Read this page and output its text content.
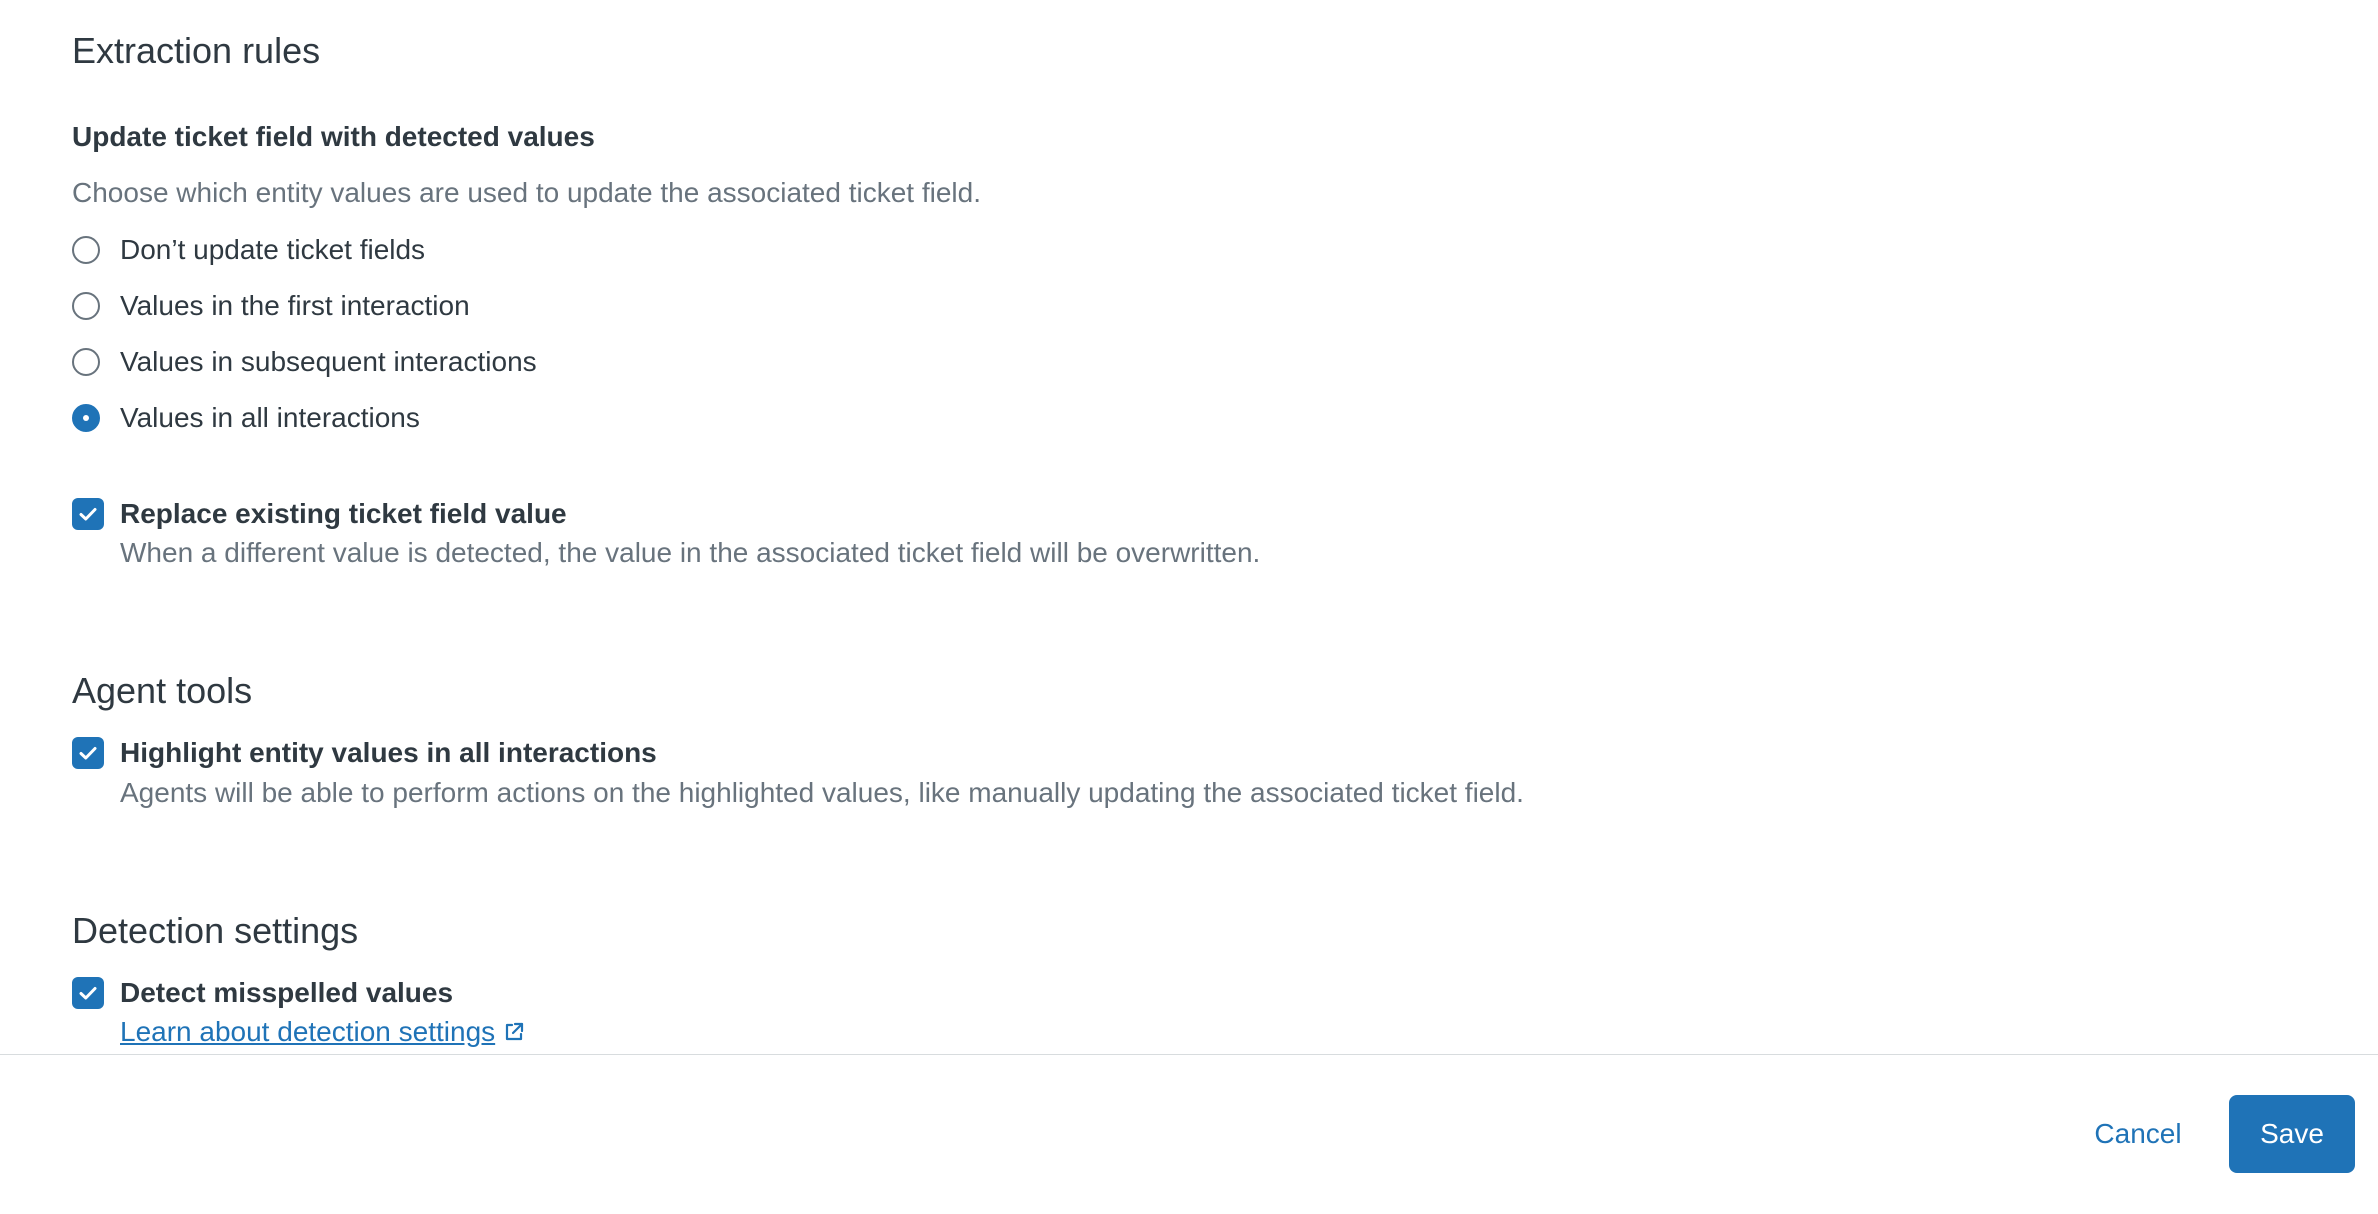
Extraction rules
Update ticket field with detected values
Choose which entity values are used to update the associated ticket field.
Don’t update ticket fields
Values in the first interaction
Values in subsequent interactions
Values in all interactions
Replace existing ticket field value
When a different value is detected, the value in the associated ticket field will be overwritten.
Agent tools
Highlight entity values in all interactions
Agents will be able to perform actions on the highlighted values, like manually updating the associated ticket field.
Detection settings
Detect misspelled values
Learn about detection settings
Cancel	Save
